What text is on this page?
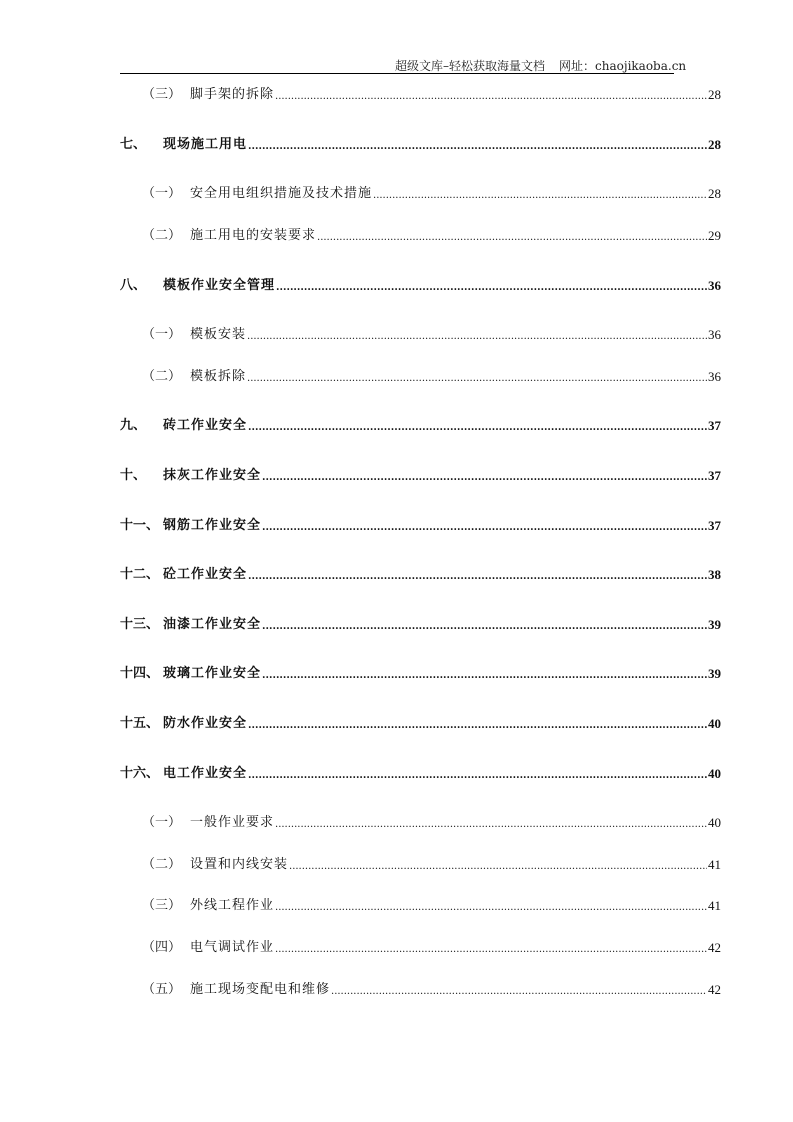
超级文库–轻松获取海量文档 网址：chaojikaoba.cn
（三） 脚手架的拆除 .....	28
七、	现场施工用电 .....	28
（一） 安全用电组织措施及技术措施 .....	28
（二） 施工用电的安装要求 .....	29
八、	模板作业安全管理 .....	36
（一） 模板安装 .....	36
（二） 模板拆除 .....	36
九、	砖工作业安全 .....	37
十、	抹灰工作业安全 .....	37
十一、 钢筋工作业安全 .....	37
十二、 砼工作业安全 .....	38
十三、 油漆工作业安全 .....	39
十四、 玻璃工作业安全 .....	39
十五、 防水作业安全 .....	40
十六、 电工作业安全 .....	40
（一） 一般作业要求 .....	40
（二） 设置和内线安装 .....	41
（三） 外线工程作业 .....	41
（四） 电气调试作业 .....	42
（五） 施工现场变配电和维修 .....	42
